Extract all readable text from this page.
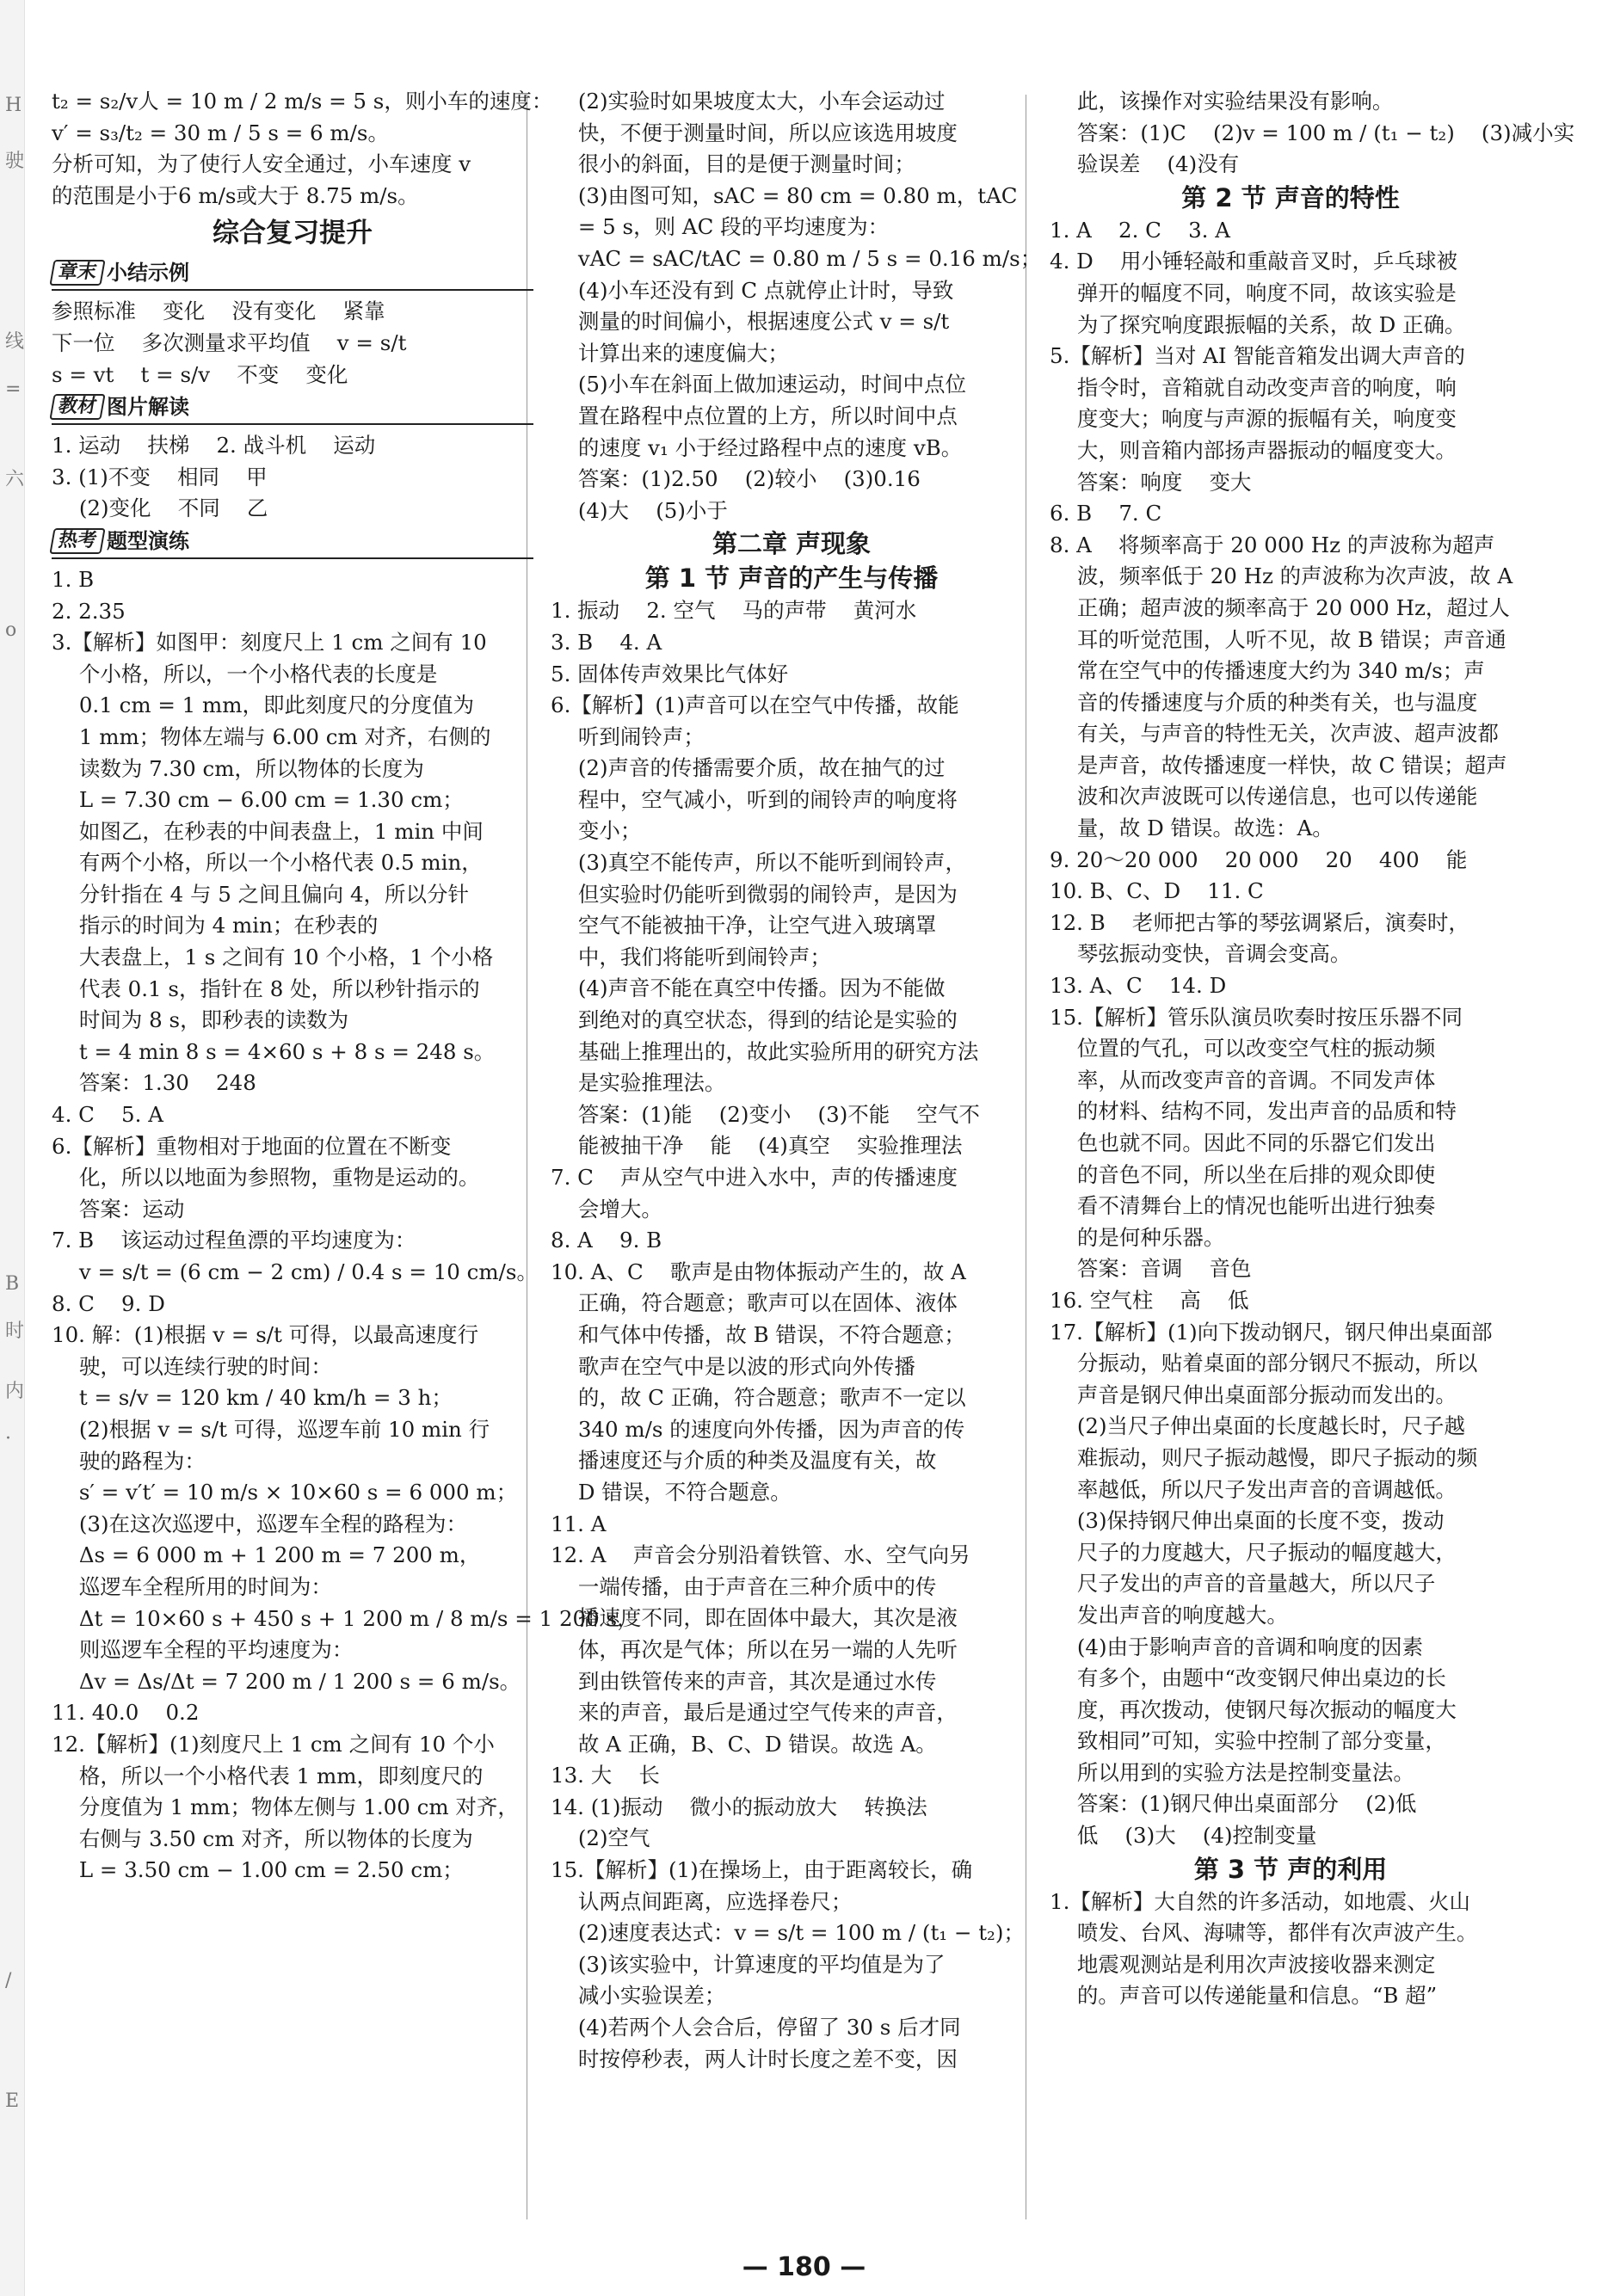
H
驶
线
=
六
o
B
时
内
·
/
E
t₂ = s₂/v人 = 10 m / 2 m/s = 5 s，则小车的速度：
v′ = s₃/t₂ = 30 m / 5 s = 6 m/s。
分析可知，为了使行人安全通过，小车速度 v
的范围是小于6 m/s或大于 8.75 m/s。
综合复习提升
章末 小结示例
参照标准    变化    没有变化    紧靠
下一位    多次测量求平均值    v = s/t
s = vt    t = s/v    不变    变化
教材 图片解读
1. 运动    扶梯    2. 战斗机    运动
3. (1)不变    相同    甲
(2)变化    不同    乙
热考 题型演练
1. B
2. 2.35
3.【解析】如图甲：刻度尺上 1 cm 之间有 10
个小格，所以，一个小格代表的长度是
0.1 cm = 1 mm，即此刻度尺的分度值为
1 mm；物体左端与 6.00 cm 对齐，右侧的
读数为 7.30 cm，所以物体的长度为
L = 7.30 cm − 6.00 cm = 1.30 cm；
如图乙，在秒表的中间表盘上，1 min 中间
有两个小格，所以一个小格代表 0.5 min，
分针指在 4 与 5 之间且偏向 4，所以分针
指示的时间为 4 min；在秒表的
大表盘上，1 s 之间有 10 个小格，1 个小格
代表 0.1 s，指针在 8 处，所以秒针指示的
时间为 8 s，即秒表的读数为
t = 4 min 8 s = 4×60 s + 8 s = 248 s。
答案：1.30    248
4. C    5. A
6.【解析】重物相对于地面的位置在不断变
化，所以以地面为参照物，重物是运动的。
答案：运动
7. B    该运动过程鱼漂的平均速度为：
v = s/t = (6 cm − 2 cm) / 0.4 s = 10 cm/s。
8. C    9. D
10. 解：(1)根据 v = s/t 可得，以最高速度行
驶，可以连续行驶的时间：
t = s/v = 120 km / 40 km/h = 3 h；
(2)根据 v = s/t 可得，巡逻车前 10 min 行
驶的路程为：
s′ = v′t′ = 10 m/s × 10×60 s = 6 000 m；
(3)在这次巡逻中，巡逻车全程的路程为：
Δs = 6 000 m + 1 200 m = 7 200 m，
巡逻车全程所用的时间为：
Δt = 10×60 s + 450 s + 1 200 m / 8 m/s = 1 200 s，
则巡逻车全程的平均速度为：
Δv = Δs/Δt = 7 200 m / 1 200 s = 6 m/s。
11. 40.0    0.2
12.【解析】(1)刻度尺上 1 cm 之间有 10 个小
格，所以一个小格代表 1 mm，即刻度尺的
分度值为 1 mm；物体左侧与 1.00 cm 对齐，
右侧与 3.50 cm 对齐，所以物体的长度为
L = 3.50 cm − 1.00 cm = 2.50 cm；
(2)实验时如果坡度太大，小车会运动过
快，不便于测量时间，所以应该选用坡度
很小的斜面，目的是便于测量时间；
(3)由图可知，sAC = 80 cm = 0.80 m，tAC
= 5 s，则 AC 段的平均速度为：
vAC = sAC/tAC = 0.80 m / 5 s = 0.16 m/s；
(4)小车还没有到 C 点就停止计时，导致
测量的时间偏小，根据速度公式 v = s/t
计算出来的速度偏大；
(5)小车在斜面上做加速运动，时间中点位
置在路程中点位置的上方，所以时间中点
的速度 v₁ 小于经过路程中点的速度 vB。
答案：(1)2.50    (2)较小    (3)0.16
(4)大    (5)小于
第二章 声现象
第 1 节 声音的产生与传播
1. 振动    2. 空气    马的声带    黄河水
3. B    4. A
5. 固体传声效果比气体好
6.【解析】(1)声音可以在空气中传播，故能
听到闹铃声；
(2)声音的传播需要介质，故在抽气的过
程中，空气减小，听到的闹铃声的响度将
变小；
(3)真空不能传声，所以不能听到闹铃声，
但实验时仍能听到微弱的闹铃声，是因为
空气不能被抽干净，让空气进入玻璃罩
中，我们将能听到闹铃声；
(4)声音不能在真空中传播。因为不能做
到绝对的真空状态，得到的结论是实验的
基础上推理出的，故此实验所用的研究方法
是实验推理法。
答案：(1)能    (2)变小    (3)不能    空气不
能被抽干净    能    (4)真空    实验推理法
7. C    声从空气中进入水中，声的传播速度
会增大。
8. A    9. B
10. A、C    歌声是由物体振动产生的，故 A
正确，符合题意；歌声可以在固体、液体
和气体中传播，故 B 错误，不符合题意；
歌声在空气中是以波的形式向外传播
的，故 C 正确，符合题意；歌声不一定以
340 m/s 的速度向外传播，因为声音的传
播速度还与介质的种类及温度有关，故
D 错误，不符合题意。
11. A
12. A    声音会分别沿着铁管、水、空气向另
一端传播，由于声音在三种介质中的传
播速度不同，即在固体中最大，其次是液
体，再次是气体；所以在另一端的人先听
到由铁管传来的声音，其次是通过水传
来的声音，最后是通过空气传来的声音，
故 A 正确，B、C、D 错误。故选 A。
13. 大    长
14. (1)振动    微小的振动放大    转换法
(2)空气
15.【解析】(1)在操场上，由于距离较长，确
认两点间距离，应选择卷尺；
(2)速度表达式：v = s/t = 100 m / (t₁ − t₂)；
(3)该实验中，计算速度的平均值是为了
减小实验误差；
(4)若两个人会合后，停留了 30 s 后才同
时按停秒表，两人计时长度之差不变，因
此，该操作对实验结果没有影响。
答案：(1)C    (2)v = 100 m / (t₁ − t₂)    (3)减小实
验误差    (4)没有
第 2 节 声音的特性
1. A    2. C    3. A
4. D    用小锤轻敲和重敲音叉时，乒乓球被
弹开的幅度不同，响度不同，故该实验是
为了探究响度跟振幅的关系，故 D 正确。
5.【解析】当对 AI 智能音箱发出调大声音的
指令时，音箱就自动改变声音的响度，响
度变大；响度与声源的振幅有关，响度变
大，则音箱内部扬声器振动的幅度变大。
答案：响度    变大
6. B    7. C
8. A    将频率高于 20 000 Hz 的声波称为超声
波，频率低于 20 Hz 的声波称为次声波，故 A
正确；超声波的频率高于 20 000 Hz，超过人
耳的听觉范围，人听不见，故 B 错误；声音通
常在空气中的传播速度大约为 340 m/s；声
音的传播速度与介质的种类有关，也与温度
有关，与声音的特性无关，次声波、超声波都
是声音，故传播速度一样快，故 C 错误；超声
波和次声波既可以传递信息，也可以传递能
量，故 D 错误。故选：A。
9. 20～20 000    20 000    20    400    能
10. B、C、D    11. C
12. B    老师把古筝的琴弦调紧后，演奏时，
琴弦振动变快，音调会变高。
13. A、C    14. D
15.【解析】管乐队演员吹奏时按压乐器不同
位置的气孔，可以改变空气柱的振动频
率，从而改变声音的音调。不同发声体
的材料、结构不同，发出声音的品质和特
色也就不同。因此不同的乐器它们发出
的音色不同，所以坐在后排的观众即使
看不清舞台上的情况也能听出进行独奏
的是何种乐器。
答案：音调    音色
16. 空气柱    高    低
17.【解析】(1)向下拨动钢尺，钢尺伸出桌面部
分振动，贴着桌面的部分钢尺不振动，所以
声音是钢尺伸出桌面部分振动而发出的。
(2)当尺子伸出桌面的长度越长时，尺子越
难振动，则尺子振动越慢，即尺子振动的频
率越低，所以尺子发出声音的音调越低。
(3)保持钢尺伸出桌面的长度不变，拨动
尺子的力度越大，尺子振动的幅度越大，
尺子发出的声音的音量越大，所以尺子
发出声音的响度越大。
(4)由于影响声音的音调和响度的因素
有多个，由题中“改变钢尺伸出桌边的长
度，再次拨动，使钢尺每次振动的幅度大
致相同”可知，实验中控制了部分变量，
所以用到的实验方法是控制变量法。
答案：(1)钢尺伸出桌面部分    (2)低
低    (3)大    (4)控制变量
第 3 节 声的利用
1.【解析】大自然的许多活动，如地震、火山
喷发、台风、海啸等，都伴有次声波产生。
地震观测站是利用次声波接收器来测定
的。声音可以传递能量和信息。“B 超”
— 180 —
